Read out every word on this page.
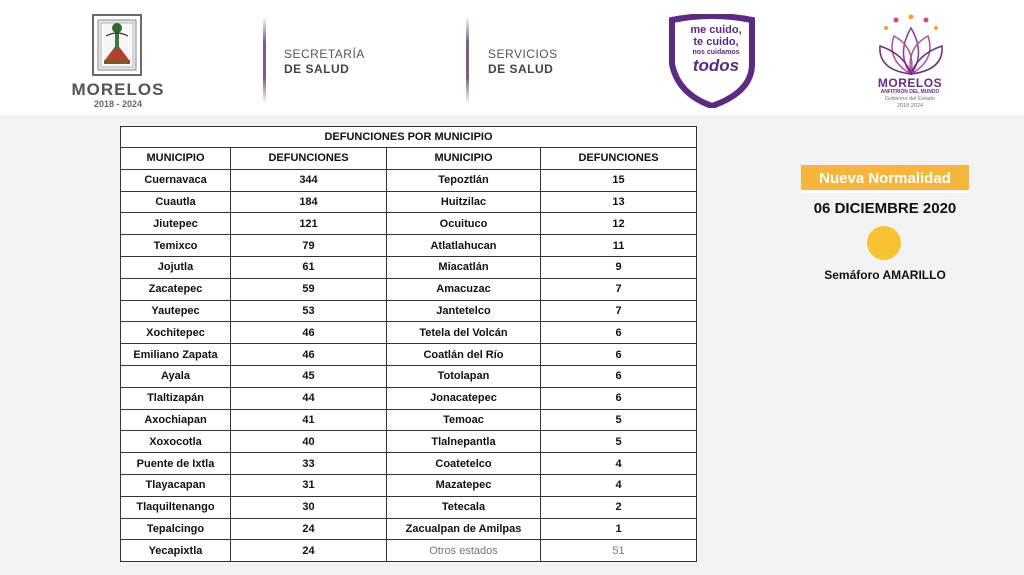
MORELOS
2018 - 2024
SECRETARÍA
DE SALUD
SERVICIOS
DE SALUD
me cuido,
te cuido,
nos cuidamos
todos
MORELOS
ANFITRIÓN DEL MUNDO
Gobierno del Estado
2018 2024
DEFUNCIONES POR MUNICIPIO			
MUNICIPIO	DEFUNCIONES	MUNICIPIO	DEFUNCIONES
Cuernavaca	344	Tepoztlán	15
Cuautla	184	Huitzilac	13
Jiutepec	121	Ocuituco	12
Temixco	79	Atlatlahucan	11
Jojutla	61	Miacatlán	9
Zacatepec	59	Amacuzac	7
Yautepec	53	Jantetelco	7
Xochitepec	46	Tetela del Volcán	6
Emiliano Zapata	46	Coatlán del Río	6
Ayala	45	Totolapan	6
Tlaltizapán	44	Jonacatepec	6
Axochiapan	41	Temoac	5
Xoxocotla	40	Tlalnepantla	5
Puente de Ixtla	33	Coatetelco	4
Tlayacapan	31	Mazatepec	4
Tlaquiltenango	30	Tetecala	2
Tepalcingo	24	Zacualpan de Amilpas	1
Yecapixtla	24	Otros estados	51
Nueva Normalidad
06 DICIEMBRE 2020
Semáforo AMARILLO
